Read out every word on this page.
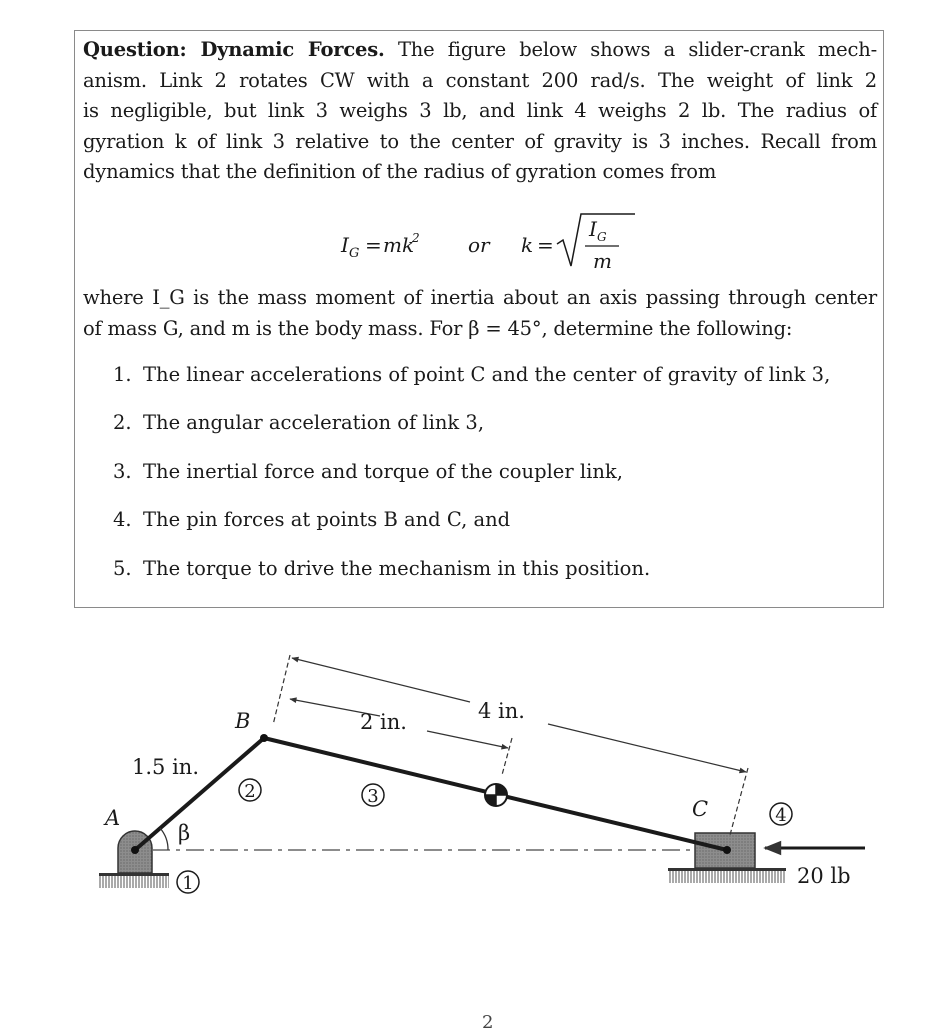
Question: Dynamic Forces. The figure below shows a slider-crank mech-
anism. Link 2 rotates CW with a constant 200 rad/s. The weight of link 2
is negligible, but link 3 weighs 3 lb, and link 4 weighs 2 lb. The radius of
gyration k of link 3 relative to the center of gravity is 3 inches. Recall from
dynamics that the definition of the radius of gyration comes from
I G = mk
2 or k =
I G
m
where I_G is the mass moment of inertia about an axis passing through center
of mass G, and m is the body mass. For β = 45°, determine the following:
1. The linear accelerations of point C and the center of gravity of link 3,
2. The angular acceleration of link 3,
3. The inertial force and torque of the coupler link,
4. The pin forces at points B and C, and
5. The torque to drive the mechanism in this position.
1
2	3
4
A
B
C
β
1.5 in.
2 in.	4 in.
20 lb
2
